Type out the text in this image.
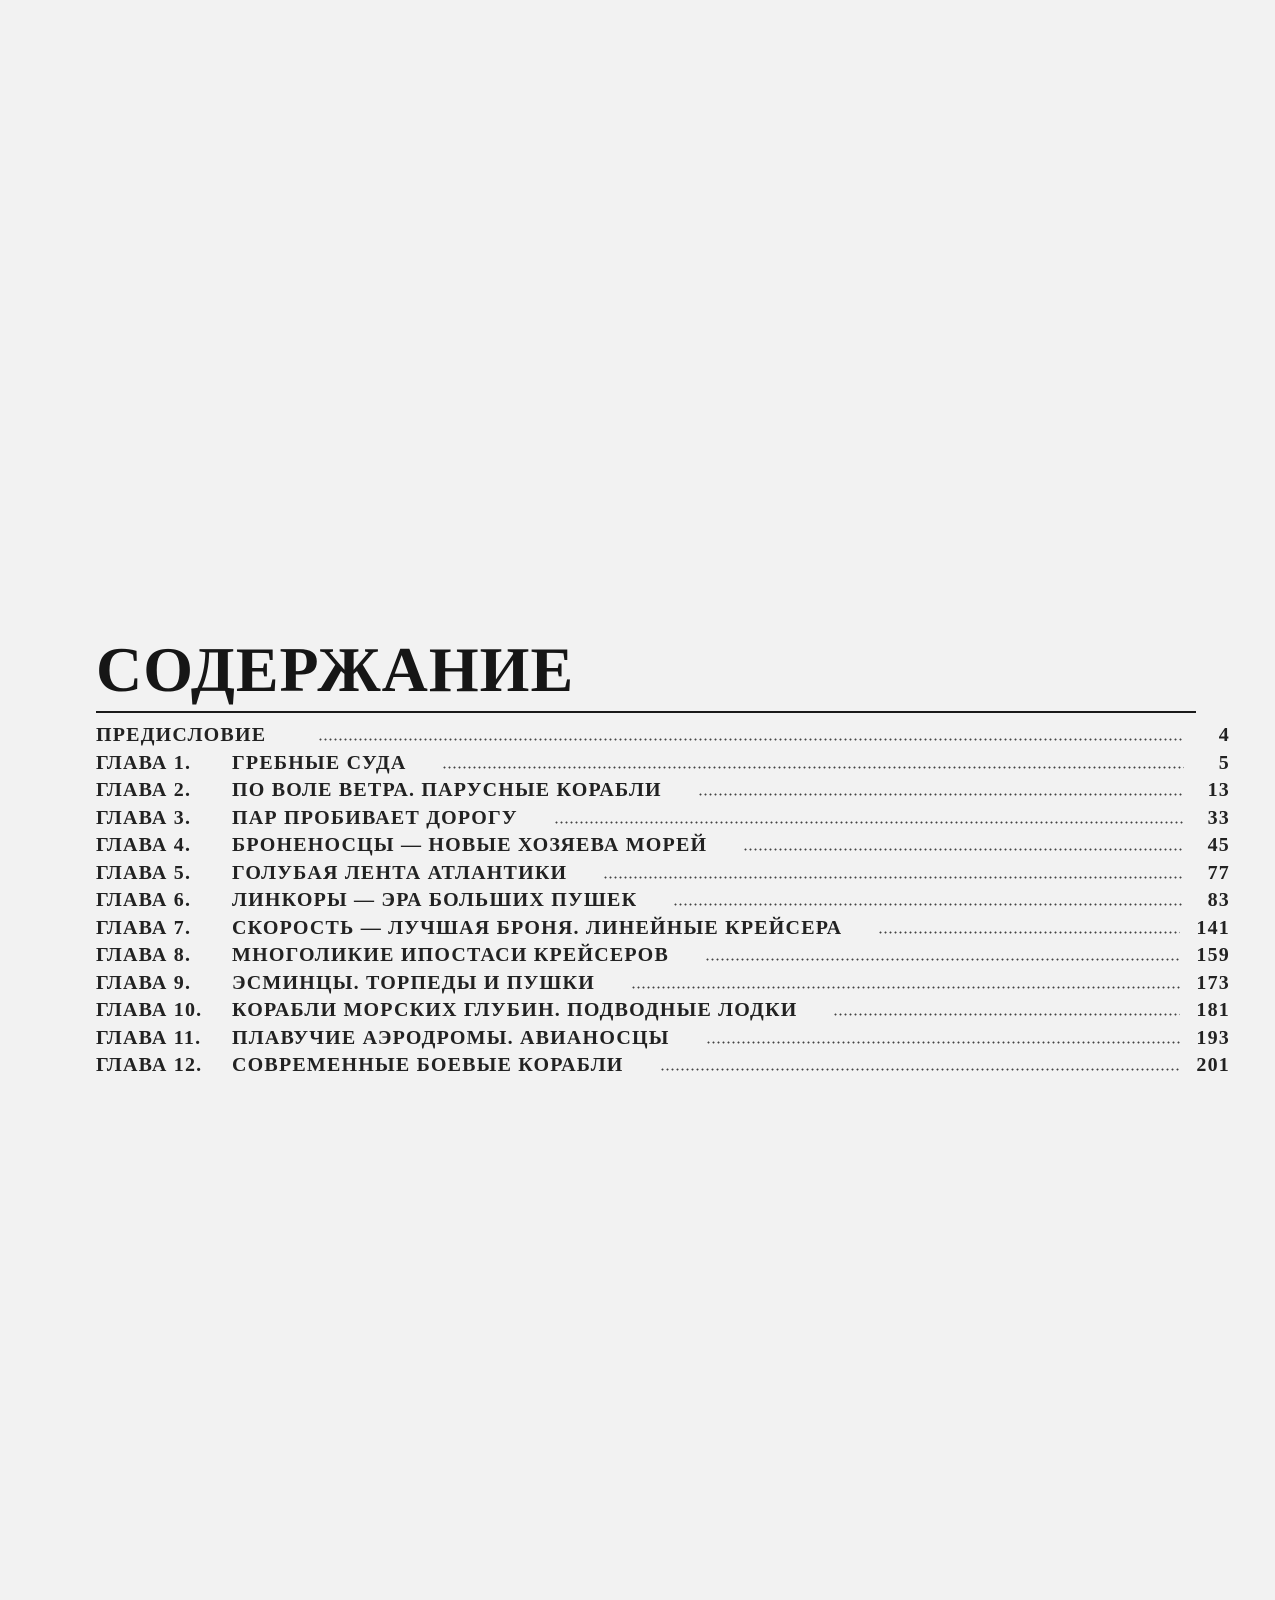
СОДЕРЖАНИЕ
ПРЕДИСЛОВИЕ	4
ГЛАВА 1.	ГРЕБНЫЕ СУДА	5
ГЛАВА 2.	ПО ВОЛЕ ВЕТРА. ПАРУСНЫЕ КОРАБЛИ	13
ГЛАВА 3.	ПАР ПРОБИВАЕТ ДОРОГУ	33
ГЛАВА 4.	БРОНЕНОСЦЫ — НОВЫЕ ХОЗЯЕВА МОРЕЙ	45
ГЛАВА 5.	ГОЛУБАЯ ЛЕНТА АТЛАНТИКИ	77
ГЛАВА 6.	ЛИНКОРЫ — ЭРА БОЛЬШИХ ПУШЕК	83
ГЛАВА 7.	СКОРОСТЬ — ЛУЧШАЯ БРОНЯ. ЛИНЕЙНЫЕ КРЕЙСЕРА	141
ГЛАВА 8.	МНОГОЛИКИЕ ИПОСТАСИ КРЕЙСЕРОВ	159
ГЛАВА 9.	ЭСМИНЦЫ. ТОРПЕДЫ И ПУШКИ	173
ГЛАВА 10.	КОРАБЛИ МОРСКИХ ГЛУБИН. ПОДВОДНЫЕ ЛОДКИ	181
ГЛАВА 11.	ПЛАВУЧИЕ АЭРОДРОМЫ. АВИАНОСЦЫ	193
ГЛАВА 12.	СОВРЕМЕННЫЕ БОЕВЫЕ КОРАБЛИ	201
